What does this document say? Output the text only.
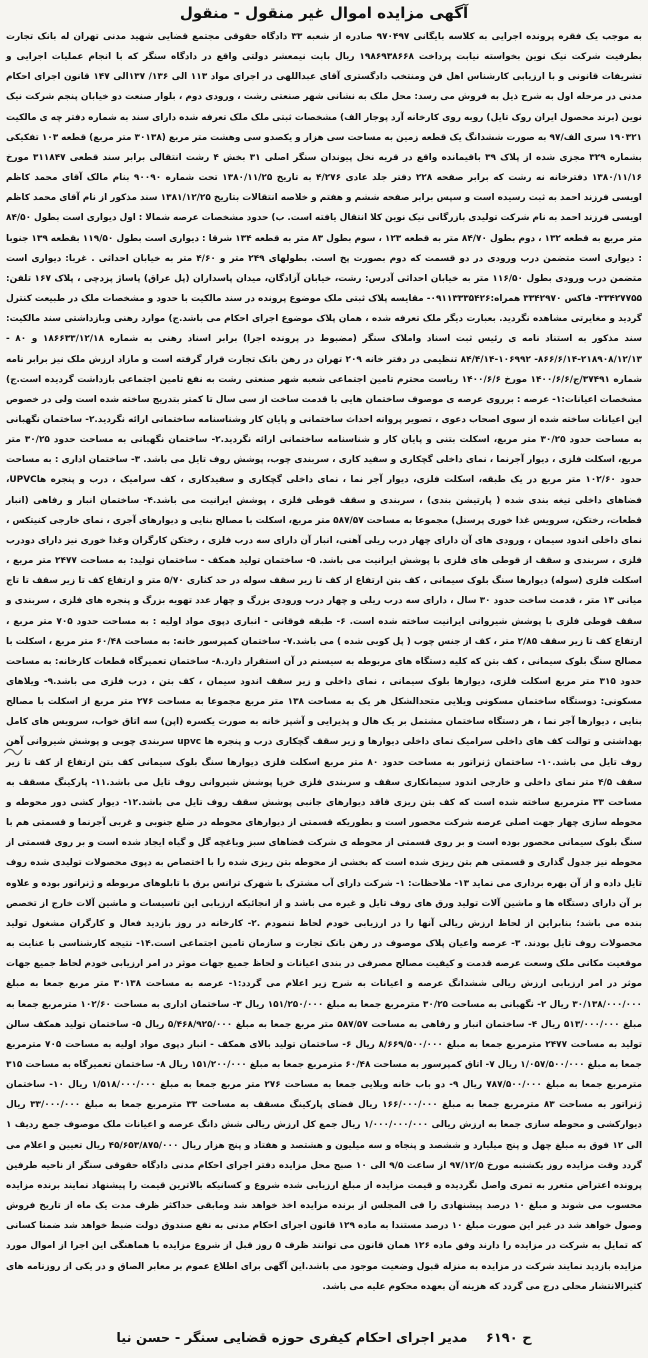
آگهی مزایده اموال غیر منقول - منقول

به موجب یک فقره پرونده اجرایی به کلاسه بایگانی ۹۷۰۴۹۷ صادره از شعبه ۳۳ دادگاه حقوقی مجتمع قضایی شهید مدنی تهران له بانک تجارت بطرفیت شرکت نیک نوین بخواسته نیابت پرداخت ۱۹۸۶۹۳۸۶۶۸ ریال بابت نیمعشر دولتی واقع در دادگاه سنگر که با انجام عملیات اجرایی و تشریفات قانونی و با ارزیابی کارشناس اهل فن ومنتخب دادگستری آقای عبداللهی در اجرای مواد ۱۱۳ الی ۱۳۶/ ۱۳۷الی ۱۴۷ قانون اجرای احکام مدنی در مرحله اول به شرح ذیل به فروش می رسد: محل ملک به نشانی شهر صنعتی رشت ، ورودی دوم ، بلوار صنعت دو خیابان پنجم شرکت نیک نوین (برند محصول ایران روک تایل) روبه روی کارخانه آرد پوجار الف) مشخصات ثبتی ملک ملک تعرفه شده دارای سند به شماره دفتر چه ی مالکیت ۱۹۰۳۲۱ سری الف/۹۷ به صورت ششدانگ یک قطعه زمین به مساحت سی هزار و یکصدو سی وهشت متر مربع (۳۰۱۳۸ متر مربع) قطعه ۱۰۳ تفکیکی بشماره ۳۲۹ مجزی شده از پلاک ۳۹ باقیمانده واقع در قریه نخل پیوندان سنگر اصلی ۳۱ بخش ۴ رشت انتقالی برابر سند قطعی ۳۱۱۸۴۷ مورخ ۱۳۸۰/۱۱/۱۶ دفترخانه نه رشت که برابر صفحه ۲۲۸ دفتر جلد عادی ۴/۲۷۶ به تاریخ ۱۳۸۰/۱۱/۲۵ تحت شماره ۹۰۰۹۰ بنام مالک آقای محمد کاظم اویسی فرزند احمد به ثبت رسیده است و سپس برابر صفحه ششم و هفتم و خلاصه انتقالات بتاریخ ۱۳۸۱/۱۲/۲۵ سند مذکور از نام آقای محمد کاظم اویسی فرزند احمد به نام شرکت تولیدی بازرگانی نیک نوین کلا انتقال یافته است. ب) حدود مشخصات عرصه شمالا : اول دیواری است بطول ۸۴/۵۰ متر مربع به قطعه ۱۳۲ ، دوم بطول ۸۴/۷۰ متر به قطعه ۱۲۳ ، سوم بطول ۸۳ متر به قطعه ۱۳۴ شرقا : دیواری است بطول ۱۱۹/۵۰ بقطعه ۱۳۹ جنوبا : دیواری است متضمن درب ورودی در دو قسمت که دوم بصورت پخ است. بطولهای ۲۴۹ متر و ۴/۶۰ متر به خیابان احداثی . غربا: دیواری است متضمن درب ورودی بطول ۱۱۶/۵۰ متر به خیابان احداثی آدرس: رشت، خیابان آزادگان، میدان پاسداران (پل عراق) پاساژ پزدچی ، پلاک ۱۶۷ تلفن: ۳۳۴۲۷۷۵۵- فاکس ۳۳۴۲۹۷۰ همراه:۰۹۱۱۳۳۳۵۴۲۶- مقایسه پلاک ثبتی ملک موضوع پرونده در سند مالکیت با حدود و مشخصات ملک در طبیعت کنترل گردید و مغایرتی مشاهده نگردید. بعبارت دیگر ملک تعرفه شده ، همان پلاک موضوع اجرای احکام می باشد.ج) موارد رهنی وبازداشتی سند مالکیت: سند مذکور به استناد نامه ی رئیس ثبت اسناد واملاک سنگر (مضبوط در پرونده اجرا) برابر اسناد رهنی به شماره ۱۸۶۶۳۳/۱۲/۱۸ و ۸۰ - ۲۱۸۹۰۸/۱۲/۱۳-۸۶۶/۶/۱۴- ۱۰۶۹۹۲-۸۴/۴/۱۴ تنظیمی در دفتر خانه ۲۰۹ تهران در رهن بانک تجارت قرار گرفته است و مازاد ارزش ملک نیز برابر نامه شماره ۳۷۴۹۱/ج/۱۴۰۰/۶/۶ مورخ ۱۴۰۰/۶/۶ ریاست محترم تامین اجتماعی شعبه شهر صنعتی رشت به نفع تامین اجتماعی بازداشت گردیده است.ج) مشخصات اعیانات:۱- عرصه : برروی عرصه ی موصوف ساختمان هایی با قدمت ساخت از سی سال تا کمتر بتدریج ساخته شده است ولی در خصوص این اعیانات ساخته شده از سوی اصحاب دعوی ، تصویر پروانه احداث ساختمانی و پایان کار وشناسنامه ساختمانی ارائه نگردید.۲- ساختمان نگهبانی به مساحت حدود ۳۰/۲۵ متر مربع، اسکلت بتنی و پایان کار و شناسنامه ساختمانی ارائه نگردید.۲- ساختمان نگهبانی به مساحت حدود ۳۰/۲۵ متر مربع، اسکلت فلزی ، دیوار آجرنما ، نمای داخلی گچکاری و سفید کاری ، سربندی چوب، پوشش روف تایل می باشد. ۳- ساختمان اداری : به مساحت حدود ۱۰۲/۶۰ متر مربع در یک طبقه، اسکلت فلزی، دیوار آجر نما ، نمای داخلی گچکاری و سفیدکاری ، کف سرامیک ، درب و پنجره هاUPVC، فضاهای داخلی تیغه بندی شده ( پارتیشن بندی) ، سربندی و سقف قوطی فلزی ، پوشش ایرانیت می باشد.۴- ساختمان انبار و رفاهی (انبار قطعات، رختکن، سرویس غذا خوری پرسنل) مجموعا به مساحت ۵۸۷/۵۷ متر مربع، اسکلت با مصالح بنایی و دیوارهای آجری ، نمای خارجی کنیتکس ، نمای داخلی اندود سیمان ، ورودی های آن دارای چهار درب ریلی آهنی، انبار آن دارای سه درب فلزی ، رختکن کارگران وغذا خوری نیز دارای دودرب فلزی ، سربندی و سقف از قوطی های فلزی با پوشش ایرانیت می باشد. ۵- ساختمان تولید همکف - ساختمان تولید: به مساحت ۲۴۷۷ متر مربع ، اسکلت فلزی (سوله) دیوارها سنگ بلوک سیمانی ، کف بتن ارتفاع از کف تا زیر سقف سوله در حد کناری ۵/۷۰ متر و ارتفاع کف تا زیر سقف تا تاج میانی ۱۳ متر ، قدمت ساخت حدود ۳۰ سال ، دارای سه درب ریلی و چهار درب ورودی بزرگ و چهار عدد تهویه بزرگ و پنجره های فلزی ، سربندی و سقف قوطی فلزی با پوشش شیروانی ایرانیت ساخته شده است. ۶- طبقه فوقانی - انباری دپوی مواد اولیه : به مساحت حدود ۷۰۵ متر مربع ، ارتفاع کف تا زیر سقف ۲/۸۵ متر ، کف از جنس چوب ( پل کوبی شده ) می باشد.۷- ساختمان کمپرسور خانه: به مساحت ۶۰/۴۸ متر مربع ، اسکلت با مصالح سنگ بلوک سیمانی ، کف بتن که کلیه دستگاه های مربوطه به سیستم در آن استقرار دارد.۸- ساختمان تعمیرگاه قطعات کارخانه: به مساحت حدود ۳۱۵ متر مربع اسکلت فلزی، دیوارها بلوک سیمانی ، نمای داخلی و زیر سقف اندود سیمان ، کف بتن ، درب فلزی می باشد.۹- ویلاهای مسکونی: دوستگاه ساختمان مسکونی ویلایی متحدالشکل هر یک به مساحت ۱۳۸ متر مربع مجموعا به مساحت ۲۷۶ متر مربع از اسکلت با مصالح بنایی ، دیوارها آجر نما ، هر دستگاه ساختمان مشتمل بر یک هال و پذیرایی و آشپز خانه به صورت یکسره (اپن) سه اتاق خواب، سرویس های کامل بهداشتی و توالت کف های داخلی سرامیک نمای داخلی دیوارها و زیر سقف گچکاری درب و پنجره ها upvc سربندی چوبی و پوشش شیروانی آهن روف تایل می باشد.۱۰- ساختمان ژنراتور به مساحت حدود ۸۰ متر مربع اسکلت فلزی دیوارها سنگ بلوک سیمانی کف بتن ارتفاع از کف تا زیر سقف ۴/۵ متر نمای داخلی و خارجی اندود سیمانکاری سقف و سربندی فلزی خرپا پوشش شیروانی روف تایل می باشد.۱۱- پارکینگ مسقف به مساحت ۳۳ مترمربع ساخته شده است که کف بتن ریزی فاقد دیوارهای جانبی پوشش سقف روف تایل می باشد.۱۲- دیوار کشی دور محوطه و محوطه سازی چهار جهت اصلی عرصه شرکت محصور است و بطوریکه قسمتی از دیوارهای محوطه در ضلع جنوبی و غربی آجرنما و قسمتی هم با سنگ بلوک سیمانی محصور بوده است و بر روی قسمتی از محوطه ی شرکت فضاهای سبز وباغچه گل و گیاه ایجاد شده است و بر روی قسمتی از محوطه نیز جدول گذاری و قسمتی هم بتن ریزی شده است که بخشی از محوطه بتن ریزی شده را با اختصاص به دپوی محصولات تولیدی شده روف تایل داده و از آن بهره برداری می نماید ۱۳- ملاحظات: ۱- شرکت دارای آب مشترک با شهرک ترانس برق با تابلوهای مربوطه و ژنراتور بوده و علاوه بر آن دارای دستگاه ها و ماشین آلات تولید ورق های روف تایل و غیره می باشد و از انجائیکه ارزیابی این تاسیسات و ماشین آلات خارج از تخصص بنده می باشد؛ بنابراین از لحاظ ارزش ریالی آنها را در ارزیابی خودم لحاظ ننمودم .۲- کارخانه در روز بازدید فعال و کارگران مشغول تولید محصولات روف تایل بودند. ۳- عرصه واعیان پلاک موصوف در رهن بانک تجارت و سازمان تامین اجتماعی است.۱۴- نتیجه کارشناسی با عنایت به موقعیت مکانی ملک وسعت عرصه قدمت و کیفیت مصالح مصرفی در بندی اعیانات و لحاظ جمیع جهات موثر در امر ارزیابی خودم لحاظ جمیع جهات موثر در امر ارزیابی ارزش ریالی ششدانگ عرصه و اعیانات به شرح زیر اعلام می گردد:۱- عرصه به مساحت ۳۰۱۳۸ متر مربع جمعا به مبلغ ۳۰/۱۳۸/۰۰۰/۰۰۰ ریال ۲- نگهبانی به مساحت ۳۰/۲۵ مترمربع جمعا به مبلغ ۱۵۱/۲۵۰/۰۰۰ ریال ۳- ساختمان اداری به مساحت ۱۰۲/۶۰ مترمربع جمعا به مبلغ ۵۱۳/۰۰۰/۰۰۰ ریال ۴- ساختمان انبار و رفاهی به مساحت ۵۸۷/۵۷ متر مربع جمعا به مبلغ ۵/۴۶۸/۹۲۵/۰۰۰ ریال ۵- ساختمان تولید همکف سالن تولید به مساحت ۲۴۷۷ مترمربع جمعا به مبلغ ۸/۶۶۹/۵۰۰/۰۰۰ ریال ۶- ساختمان تولید بالای همکف - انبار دپوی مواد اولیه به مساحت ۷۰۵ مترمربع جمعا به مبلغ ۱/۰۵۷/۵۰۰/۰۰۰ ریال ۷- اتاق کمپرسور به مساحت ۶۰/۴۸ مترمربع جمعا به مبلغ ۱۵۱/۲۰۰/۰۰۰ ریال ۸- ساختمان تعمیرگاه به مساحت ۳۱۵ مترمربع جمعا به مبلغ ۷۸۷/۵۰۰/۰۰۰ ریال ۹- دو باب خانه ویلایی جمعا به مساحت ۲۷۶ متر مربع جمعا به مبلغ ۱/۵۱۸/۰۰۰/۰۰۰ ریال ۱۰- ساختمان ژنراتور به مساحت ۸۳ مترمربع جمعا به مبلغ ۱۶۶/۰۰۰/۰۰۰ ریال فضای پارکینگ مسقف به مساحت ۳۳ مترمربع جمعا به مبلغ ۳۳/۰۰۰/۰۰۰ ریال دیوارکشی و محوطه سازی جمعا به ارزش ریالی ۱/۰۰۰/۰۰۰/۰۰۰ ریال جمع کل ارزش ریالی شش دانگ عرصه و اعیانات ملک موصوف جمع ردیف ۱ الی ۱۲ فوق به مبلغ چهل و پنج میلیارد و ششصد و پنجاه و سه میلیون و هشتصد و هفتاد و پنج هزار ریال ۴۵/۶۵۳/۸۷۵/۰۰۰ ریال تعیین و اعلام می گردد وقت مزایده روز یکشنبه مورخ ۹۷/۱۲/۵ از ساعت ۹/۵ الی ۱۰ صبح محل مزایده دفتر اجرای احکام مدنی دادگاه حقوقی سنگر از ناحیه طرفین پرونده اعتراض متعرر به تمری واصل نگردیده و قیمت مزایده از مبلغ ارزیابی شده شروع و کسانیکه بالاترین قیمت را پیشنهاد نمایند برنده مزایده محسوب می شوند و مبلغ ۱۰ درصد پیشنهادی را فی المجلس از برنده مزایده اخذ خواهد شد ومابقی حداکثر ظرف مدت یک ماه از تاریخ فروش وصول خواهد شد در غیر این صورت مبلغ ۱۰ درصد مستندا به ماده ۱۲۹ قانون اجرای احکام مدنی به نفع صندوق دولت ضبط خواهد شد ضمنا کسانی که تمایل به شرکت در مزایده را دارند وفق ماده ۱۲۶ همان قانون می توانند ظرف ۵ روز قبل از شروع مزایده با هماهنگی این اجرا از اموال مورد مزایده بازدید نمایند شرکت در مزایده به منزله قبول وضعیت موجود می باشد.این آگهی برای اطلاع عموم بر معابر الصاق و در یکی از روزنامه های کثیرالانتشار محلی درج می گردد که هزینه آن بعهده محکوم علیه می باشد.

ح ۶۱۹۰ مدیر اجرای احکام کیفری حوزه قضایی سنگر - حسن نیا
